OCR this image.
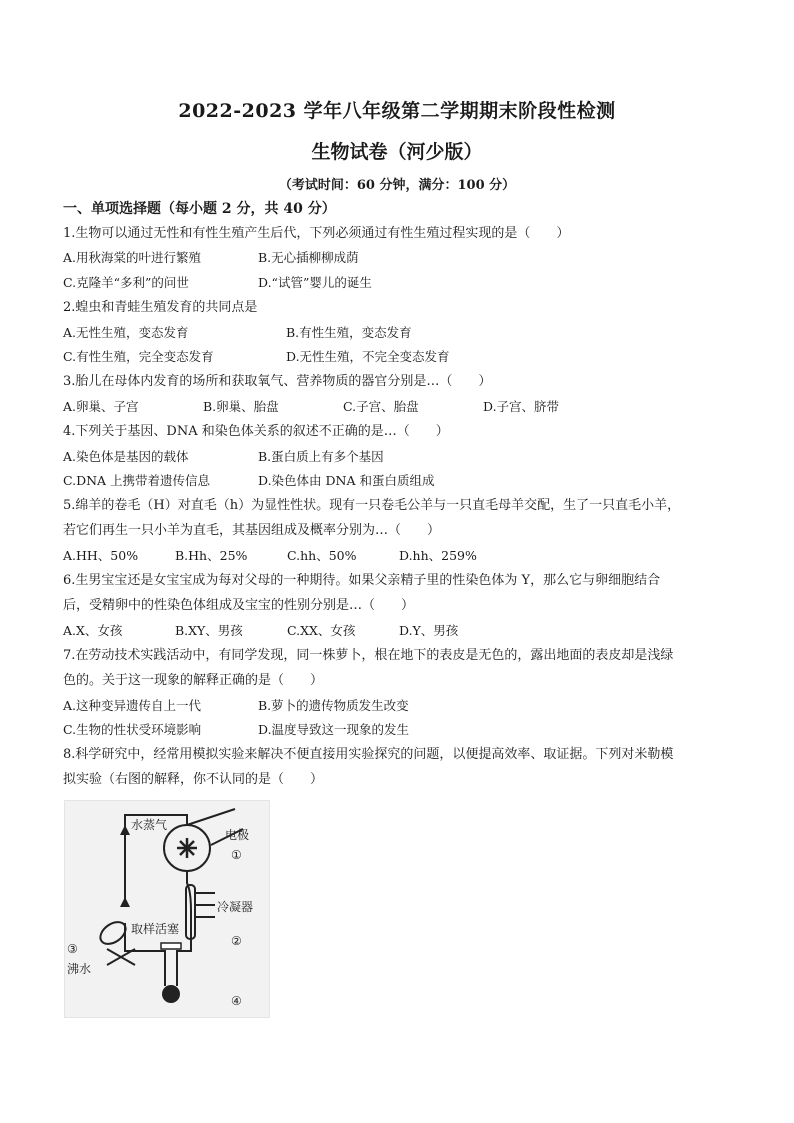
2022-2023 学年八年级第二学期期末阶段性检测
生物试卷（河少版）
（考试时间：60 分钟，满分：100 分）
一、单项选择题（每小题 2 分，共 40 分）
1.生物可以通过无性和有性生殖产生后代，下列必须通过有性生殖过程实现的是（　　）
A.用秋海棠的叶进行繁殖	B.无心插柳柳成荫
C.克隆羊“多利”的问世	D.“试管”婴儿的诞生
2.蝗虫和青蛙生殖发育的共同点是
A.无性生殖，变态发育	B.有性生殖，变态发育
C.有性生殖，完全变态发育	D.无性生殖，不完全变态发育
3.胎儿在母体内发育的场所和获取氧气、营养物质的器官分别是…（　　）
A.卵巢、子宫	B.卵巢、胎盘	C.子宫、胎盘	D.子宫、脐带
4.下列关于基因、DNA 和染色体关系的叙述不正确的是…（　　）
A.染色体是基因的载体	B.蛋白质上有多个基因
C.DNA 上携带着遗传信息	D.染色体由 DNA 和蛋白质组成
5.绵羊的卷毛（H）对直毛（h）为显性性状。现有一只卷毛公羊与一只直毛母羊交配，生了一只直毛小羊，
若它们再生一只小羊为直毛，其基因组成及概率分别为…（　　）
A.HH、50%	B.Hh、25%	C.hh、50%	D.hh、259%
6.生男宝宝还是女宝宝成为每对父母的一种期待。如果父亲精子里的性染色体为 Y，那么它与卵细胞结合
后，受精卵中的性染色体组成及宝宝的性别分别是…（　　）
A.X、女孩	B.XY、男孩	C.XX、女孩	D.Y、男孩
7.在劳动技术实践活动中，有同学发现，同一株萝卜，根在地下的表皮是无色的，露出地面的表皮却是浅绿
色的。关于这一现象的解释正确的是（　　）
A.这种变异遗传自上一代	B.萝卜的遗传物质发生改变
C.生物的性状受环境影响	D.温度导致这一现象的发生
8.科学研究中，经常用模拟实验来解决不便直接用实验探究的问题，以便提高效率、取证据。下列对米勒模
拟实验（右图的解释，你不认同的是（　　）
水蒸气
电极
①
冷凝器
②
取样活塞
③
沸水
④
